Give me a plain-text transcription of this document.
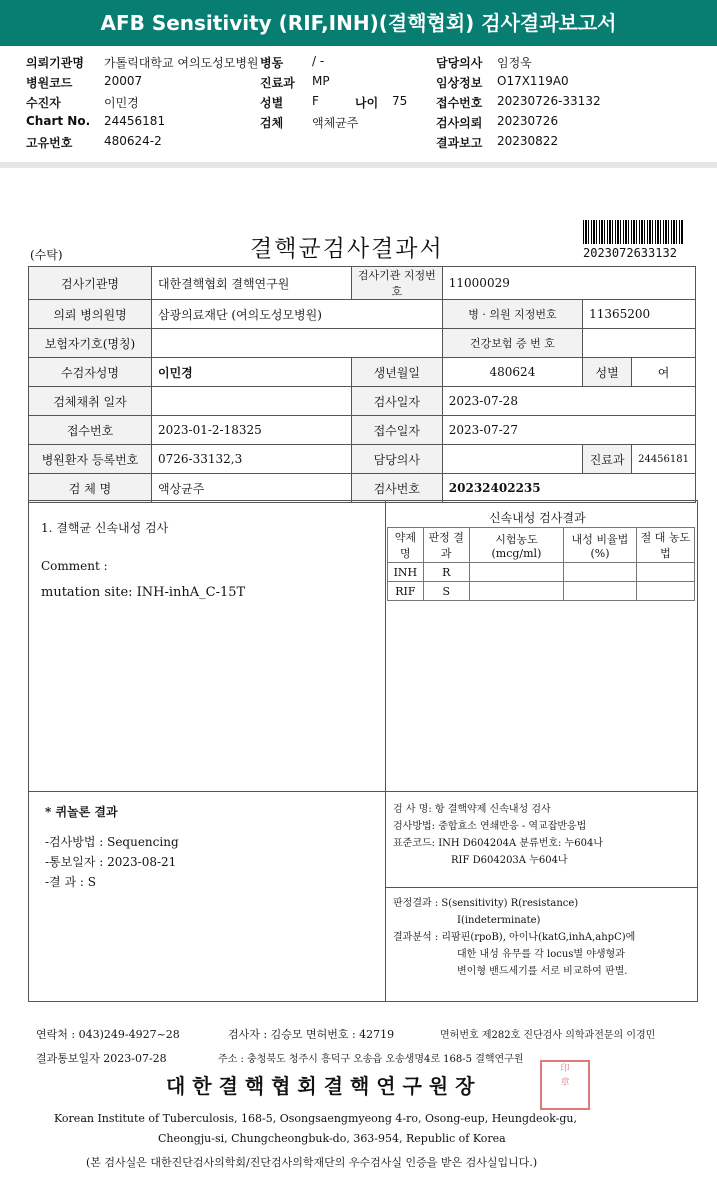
AFB Sensitivity (RIF,INH)(결핵협회) 검사결과보고서
의뢰기관명 가톨릭대학교 여의도성모병원
병원코드	20007
수진자	이민경
Chart No. 24456181
고유번호	480624-2
병동 / -
진료과 MP
성별 F	나이 75
검체 액체균주
담당의사 임정욱
임상정보 O17X119A0
접수번호 20230726-33132
검사의뢰 20230726
결과보고 20230822
(수탁)	결핵균검사결과서	2023072633132
검사기관명	대한결핵협회 결핵연구원	검사기관 지정번호	11000029		
의뢰 병의원명	삼광의료재단 (여의도성모병원)		병 · 의원 지정번호	11365200	
보험자기호(명칭)			건강보험 증 번 호		
수검자성명	이민경	생년월일	480624	성별	여
검체채취 일자		검사일자	2023-07-28		
접수번호	2023-01-2-18325	접수일자	2023-07-27		
병원환자 등록번호	0726-33132,3	담당의사		진료과	24456181
검 체 명	액상균주	검사번호	20232402235		
1. 결핵균 신속내성 검사
Comment :
mutation site: INH-inhA_C-15T
신속내성 검사결과
약제명	판정 결과	시험농도 (mcg/ml)	내성 비율법(%)	절 대 농도법
INH	R			
RIF	S			
* 퀴놀론 결과
-검사방법 : Sequencing
-통보일자 : 2023-08-21
-결 과 : S
검 사 명: 항 결핵약제 신속내성 검사
검사방법: 중합효소 연쇄반응 - 역교잡반응법
표준코드: INH D604204A 분류번호: 누604나
RIF D604203A 누604나
판정결과 : S(sensitivity) R(resistance)
I(indeterminate)
결과분석 : 리팜핀(rpoB), 아이나(katG,inhA,ahpC)에
대한 내성 유무를 각 locus별 야생형과
변이형 밴드세기를 서로 비교하여 판별.
연락처 : 043)249-4927~28	검사자 : 김승모 면허번호 : 42719	면허번호 제282호 진단검사 의학과전문의 이경민
결과통보일자 2023-07-28	주소 : 충청북도 청주시 흥덕구 오송읍 오송생명4로 168-5 결핵연구원
대 한 결 핵 협 회 결 핵 연 구 원 장
Korean Institute of Tuberculosis, 168-5, Osongsaengmyeong 4-ro, Osong-eup, Heungdeok-gu,
Cheongju-si, Chungcheongbuk-do, 363-954, Republic of Korea
(본 검사실은 대한진단검사의학회/진단검사의학재단의 우수검사실 인증을 받은 검사실입니다.)
印
章
